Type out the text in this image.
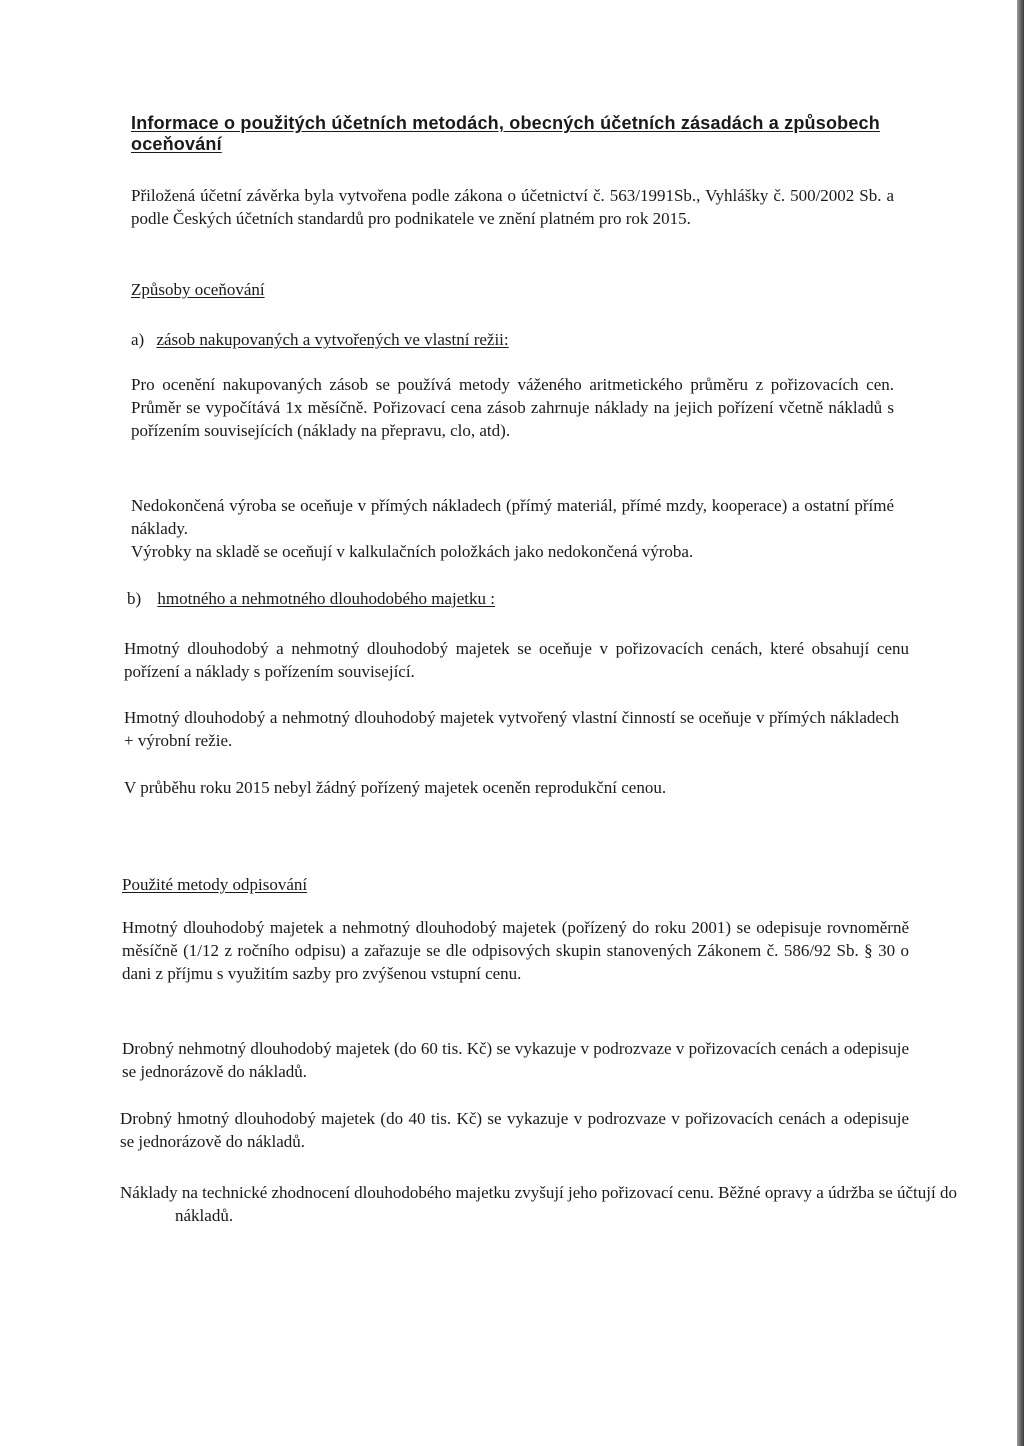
Informace o použitých účetních metodách, obecných účetních zásadách a způsobech oceňování

Přiložená účetní závěrka byla vytvořena podle zákona o účetnictví č. 563/1991Sb., Vyhlášky č. 500/2002 Sb. a podle Českých účetních standardů pro podnikatele ve znění platném pro rok 2015.

Způsoby oceňování

a) zásob nakupovaných a vytvořených ve vlastní režii:

Pro ocenění nakupovaných zásob se používá metody váženého aritmetického průměru z pořizovacích cen. Průměr se vypočítává 1x měsíčně. Pořizovací cena zásob zahrnuje náklady na jejich pořízení včetně nákladů s pořízením souvisejících (náklady na přepravu, clo, atd).

Nedokončená výroba se oceňuje v přímých nákladech (přímý materiál, přímé mzdy, kooperace) a ostatní přímé náklady.

Výrobky na skladě se oceňují v kalkulačních položkách jako nedokončená výroba.

b) hmotného a nehmotného dlouhodobého majetku :

Hmotný dlouhodobý a nehmotný dlouhodobý majetek se oceňuje v pořizovacích cenách, které obsahují cenu pořízení a náklady s pořízením související.

Hmotný dlouhodobý a nehmotný dlouhodobý majetek vytvořený vlastní činností se oceňuje v přímých nákladech + výrobní režie.

V průběhu roku 2015 nebyl žádný pořízený majetek oceněn reprodukční cenou.

Použité metody odpisování

Hmotný dlouhodobý majetek a nehmotný dlouhodobý majetek (pořízený do roku 2001) se odepisuje rovnoměrně měsíčně (1/12 z ročního odpisu) a zařazuje se dle odpisových skupin stanovených Zákonem č. 586/92 Sb. § 30 o dani z příjmu s využitím sazby pro zvýšenou vstupní cenu.

Drobný nehmotný dlouhodobý majetek (do 60 tis. Kč) se vykazuje v podrozvaze v pořizovacích cenách a odepisuje se jednorázově do nákladů.

Drobný hmotný dlouhodobý majetek (do 40 tis. Kč) se vykazuje v podrozvaze v pořizovacích cenách a odepisuje se jednorázově do nákladů.

Náklady na technické zhodnocení dlouhodobého majetku zvyšují jeho pořizovací cenu. Běžné opravy a údržba se účtují do nákladů.
